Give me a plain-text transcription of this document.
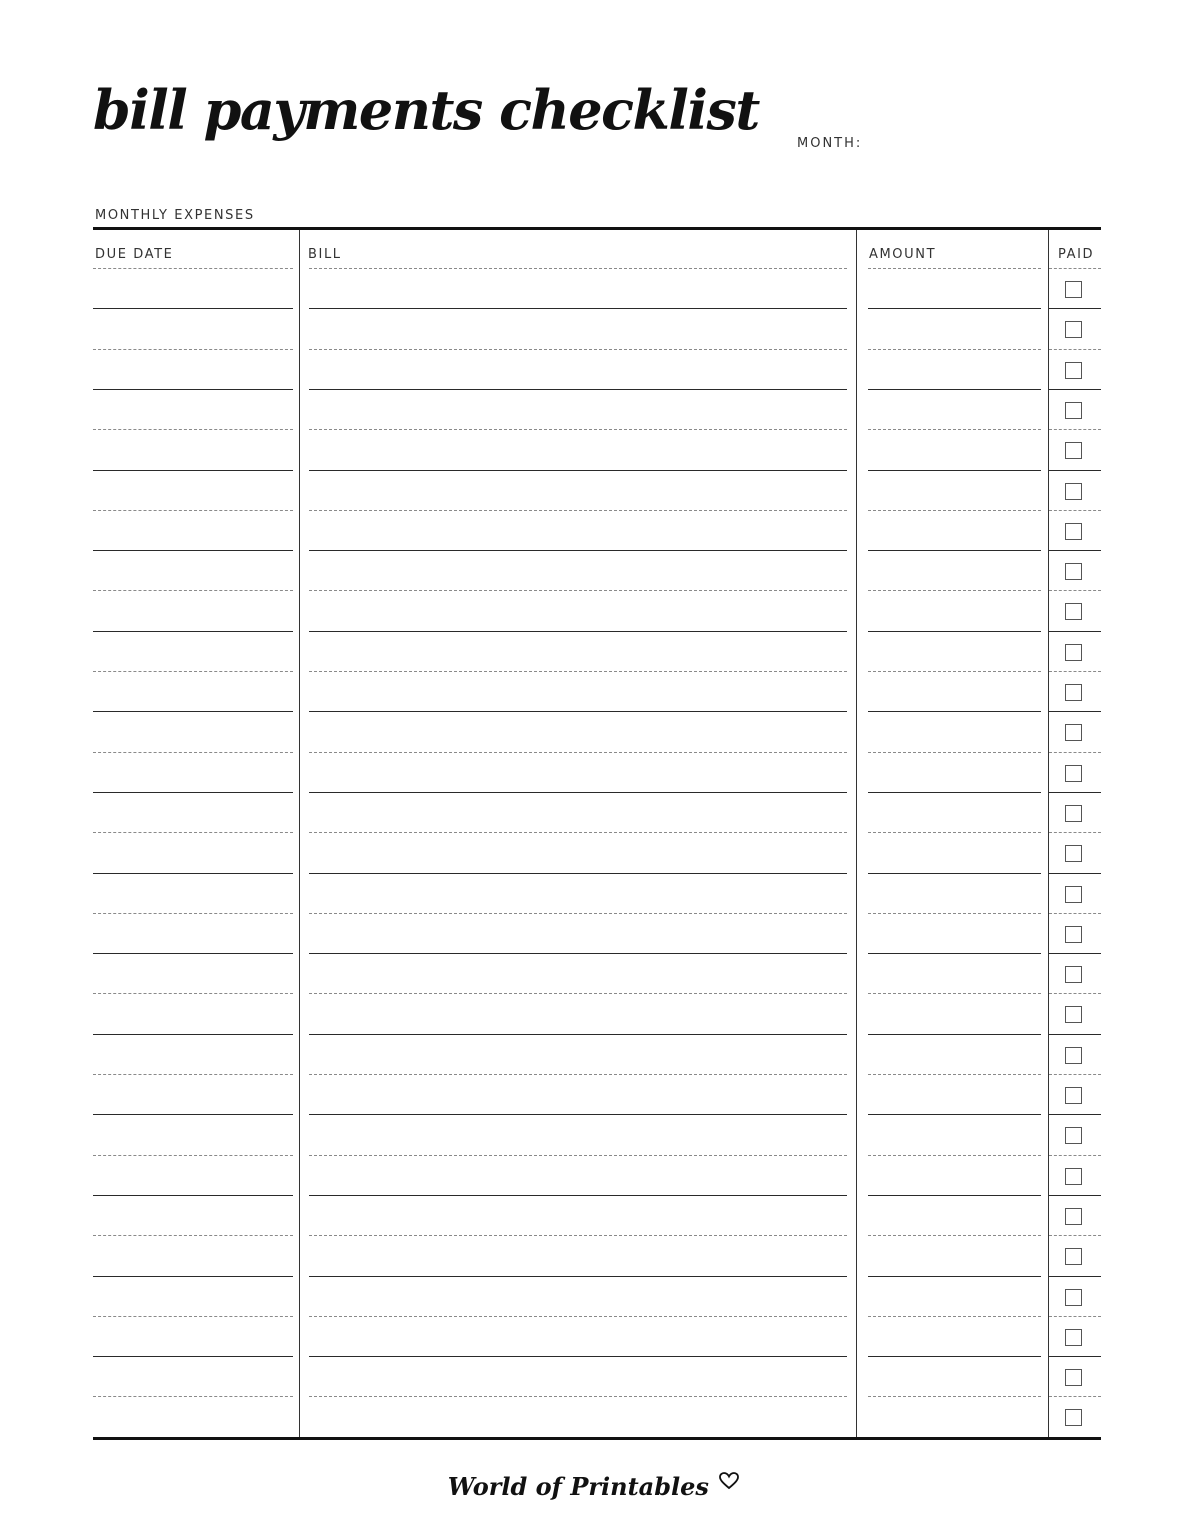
bill payments checklist
MONTH:
MONTHLY EXPENSES
DUE DATE	BILL	AMOUNT	PAID
World of Printables
